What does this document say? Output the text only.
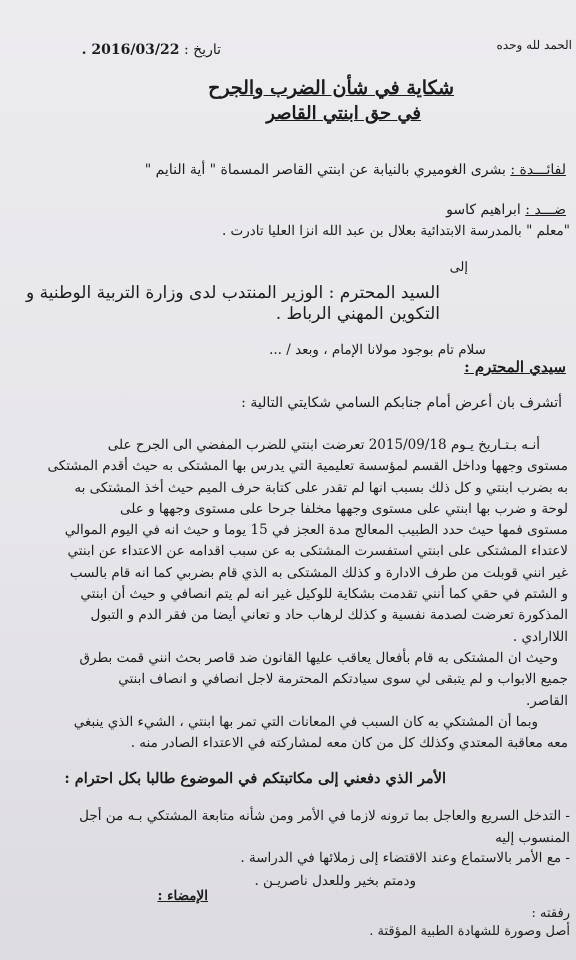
الحمد لله وحده
تاريخ : 2016/03/22 .
شكاية في شأن الضرب والجرح
في حق ابنتي القاصر
لفائـــدة : بشرى الغوميري بالنيابة عن ابنتي القاصر المسماة " أية النايم "
ضـــد : ابراهيم كاسو
"معلم " بالمدرسة الابتدائية بعلال بن عبد الله انزا العليا تادرت .
إلى
السيد المحترم : الوزير المنتدب لدى وزارة التربية الوطنية و
التكوين المهني الرباط .
سلام تام بوجود مولانا الإمام ، وبعد / ...
سيدي المحترم :
أتشرف بان أعرض أمام جنابكم السامي شكايتي التالية :
أنـه بـتـاريخ يـوم 2015/09/18 تعرضت ابنتي للضرب المفضي الى الجرح على
مستوى وجهها وداخل القسم لمؤسسة تعليمية التي يدرس بها المشتكى به حيث أقدم المشتكى
به بضرب ابنتي و كل ذلك بسبب انها لم تقدر على كتابة حرف الميم حيث أخذ المشتكى به
لوحة و ضرب بها ابنتي على مستوى وجهها مخلفا جرحا على مستوى وجهها و على
مستوى فمها حيث حدد الطبيب المعالج مدة العجز في 15 يوما و حيث انه في اليوم الموالي
لاعتداء المشتكى على ابنتي استفسرت المشتكى به عن سبب اقدامه عن الاعتداء عن ابنتي
غير انني قوبلت من طرف الادارة و كذلك المشتكى به الذي قام بضربي كما انه قام بالسب
و الشتم في حقي كما أنني تقدمت بشكاية للوكيل غير انه لم يتم انصافي و حيث أن ابنتي
المذكورة تعرضت لصدمة نفسية و كذلك لرهاب حاد و تعاني أيضا من فقر الدم و التبول
اللاارادي .
وحيث ان المشتكى به قام بأفعال يعاقب عليها القانون ضد قاصر بحث انني قمت بطرق
جميع الابواب و لم يتبقى لي سوى سيادتكم المحترمة لاجل انصافي و انصاف ابنتي
القاصر.
وبما أن المشتكي به كان السبب في المعانات التي تمر بها ابنتي ، الشيء الذي ينبغي
معه معاقبة المعتدي وكذلك كل من كان معه لمشاركته في الاعتداء الصادر منه .
الأمر الذي دفعني إلى مكاتبتكم في الموضوع طالبا بكل احترام :
- التدخل السريع والعاجل بما ترونه لازما في الأمر ومن شأنه متابعة المشتكي بـه من أجل
المنسوب إليه
- مع الأمر بالاستماع وعند الاقتضاء إلى زملائها في الدراسة .
ودمتم بخير وللعدل ناصريـن .
الإمضاء :
رفقته :
أصل وصورة للشهادة الطبية المؤقتة .
